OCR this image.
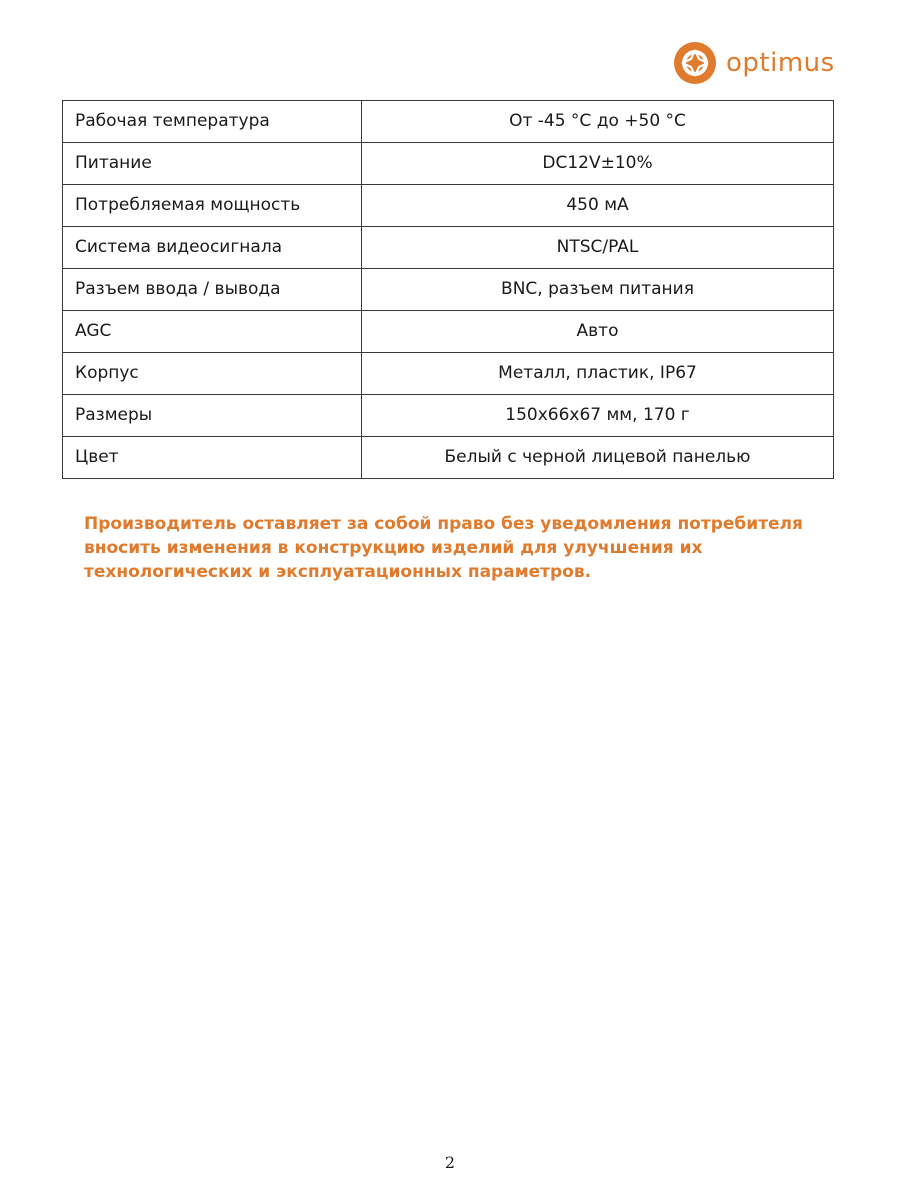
optimus
Рабочая температура	От -45 °C до +50 °C
Питание	DC12V±10%
Потребляемая мощность	450 мА
Система видеосигнала	NTSC/PAL
Разъем ввода / вывода	BNC, разъем питания
AGC	Авто
Корпус	Металл, пластик, IP67
Размеры	150х66х67 мм, 170 г
Цвет	Белый с черной лицевой панелью

Производитель оставляет за собой право без уведомления потребителя вносить изменения в конструкцию изделий для улучшения их технологических и эксплуатационных параметров.

2
